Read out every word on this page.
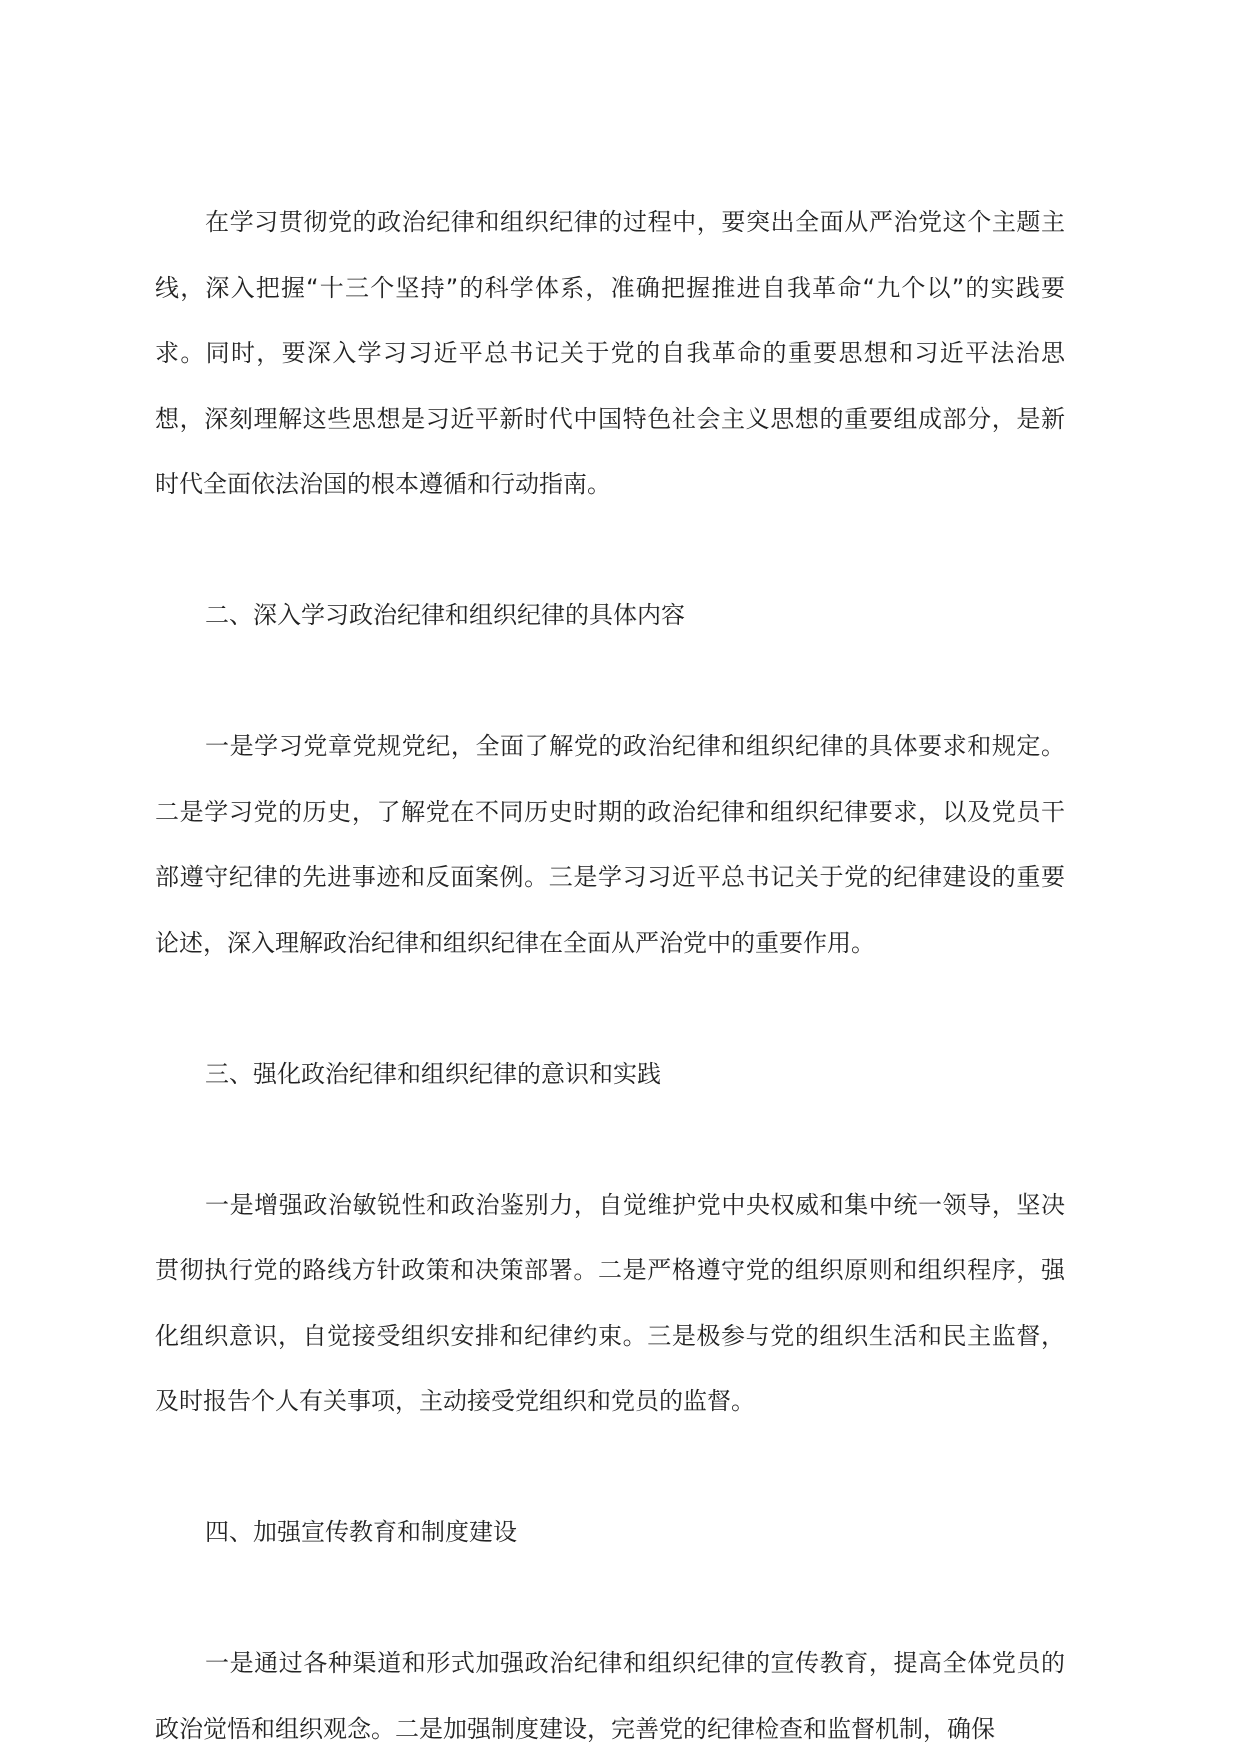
在学习贯彻党的政治纪律和组织纪律的过程中，要突出全面从严治党这个主题主线，深入把握“十三个坚持”的科学体系，准确把握推进自我革命“九个以”的实践要求。同时，要深入学习习近平总书记关于党的自我革命的重要思想和习近平法治思想，深刻理解这些思想是习近平新时代中国特色社会主义思想的重要组成部分，是新时代全面依法治国的根本遵循和行动指南。

二、深入学习政治纪律和组织纪律的具体内容

一是学习党章党规党纪，全面了解党的政治纪律和组织纪律的具体要求和规定。二是学习党的历史，了解党在不同历史时期的政治纪律和组织纪律要求，以及党员干部遵守纪律的先进事迹和反面案例。三是学习习近平总书记关于党的纪律建设的重要论述，深入理解政治纪律和组织纪律在全面从严治党中的重要作用。

三、强化政治纪律和组织纪律的意识和实践

一是增强政治敏锐性和政治鉴别力，自觉维护党中央权威和集中统一领导，坚决贯彻执行党的路线方针政策和决策部署。二是严格遵守党的组织原则和组织程序，强化组织意识，自觉接受组织安排和纪律约束。三是极参与党的组织生活和民主监督，及时报告个人有关事项，主动接受党组织和党员的监督。

四、加强宣传教育和制度建设

一是通过各种渠道和形式加强政治纪律和组织纪律的宣传教育，提高全体党员的政治觉悟和组织观念。二是加强制度建设，完善党的纪律检查和监督机制，确保
